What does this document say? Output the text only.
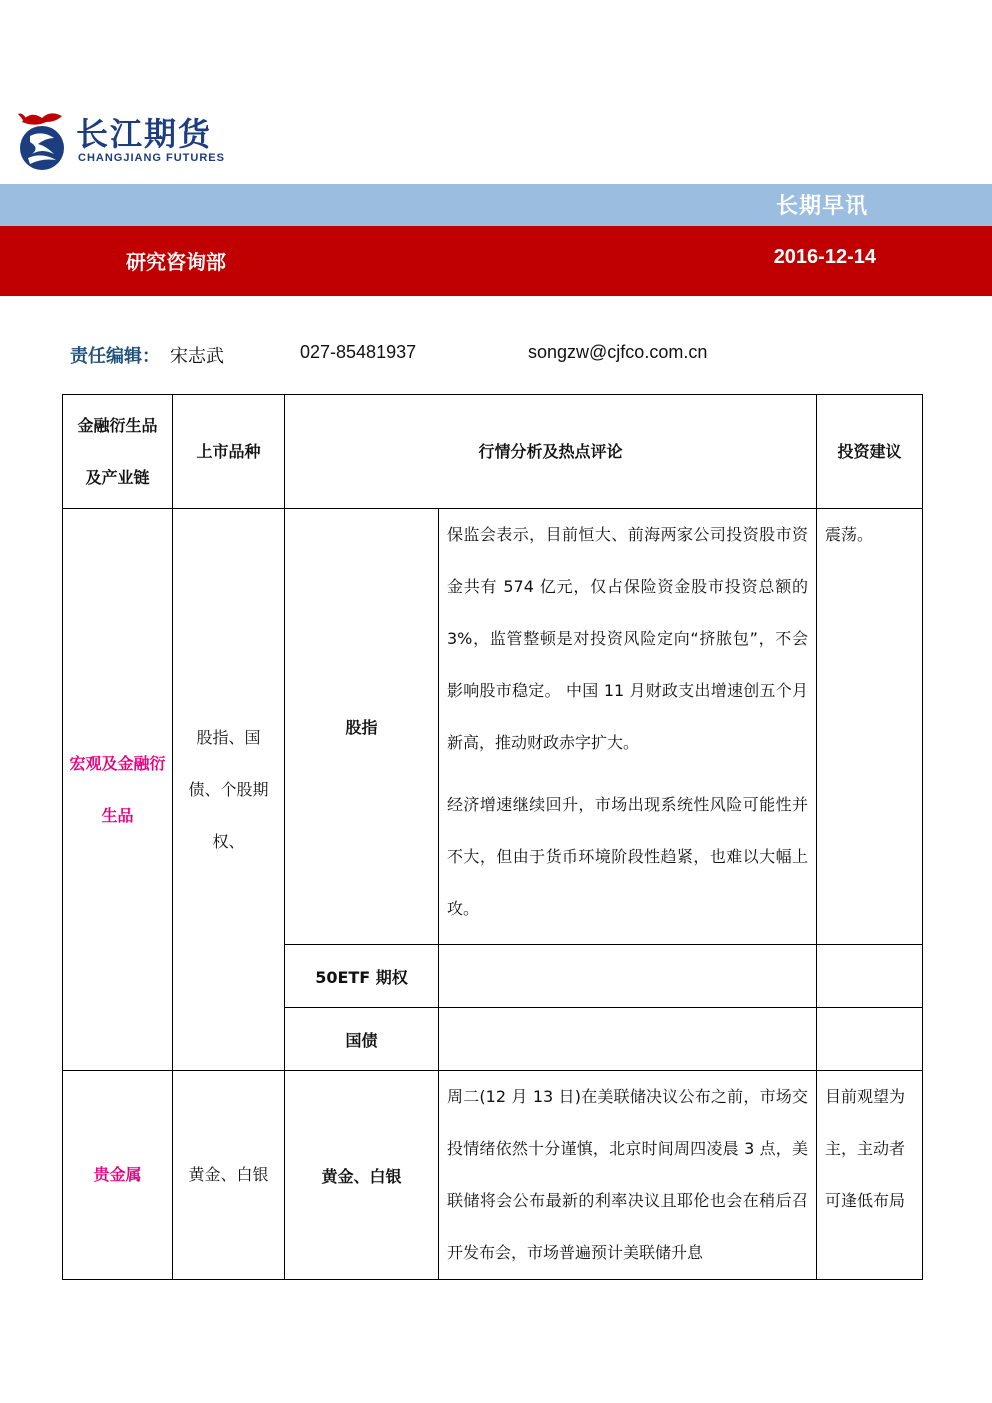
长江期货
CHANGJIANG FUTURES
长期早讯
研究咨询部	2016-12-14
责任编辑： 宋志武	027-85481937	songzw@cjfco.com.cn
金融衍生品
及产业链	上市品种	行情分析及热点评论		投资建议
宏观及金融衍生品	股指、国债、个股期权、	股指	保监会表示，目前恒大、前海两家公司投资股市资金共有 574 亿元，仅占保险资金股市投资总额的 3%，监管整顿是对投资风险定向“挤脓包”，不会影响股市稳定。 中国 11 月财政支出增速创五个月新高，推动财政赤字扩大。

经济增速继续回升，市场出现系统性风险可能性并不大，但由于货币环境阶段性趋紧，也难以大幅上攻。	震荡。
		50ETF 期权		
		国债		
贵金属	黄金、白银	黄金、白银	周二(12 月 13 日)在美联储决议公布之前，市场交投情绪依然十分谨慎，北京时间周四凌晨 3 点，美联储将会公布最新的利率决议且耶伦也会在稍后召开发布会，市场普遍预计美联储升息	目前观望为主，主动者可逢低布局
